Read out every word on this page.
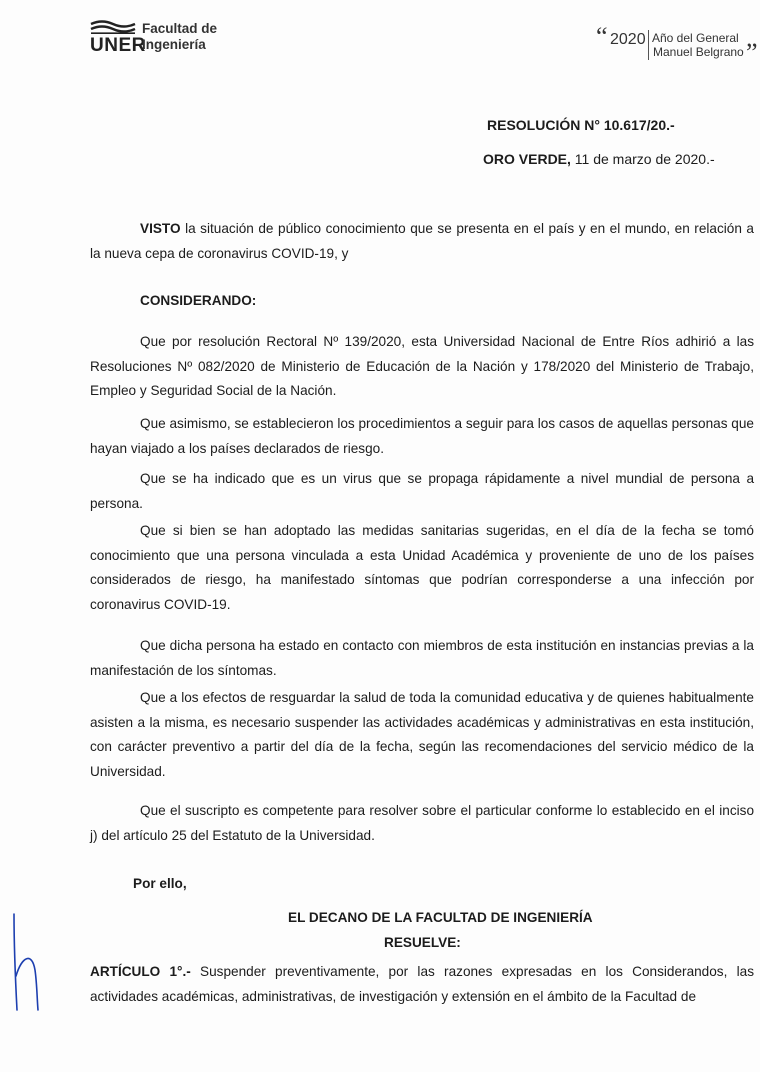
UNER
Facultad de
Ingeniería	“ 2020 Año del General
Manuel Belgrano ”
RESOLUCIÓN N° 10.617/20.-
ORO VERDE, 11 de marzo de 2020.-
VISTO la situación de público conocimiento que se presenta en el país y en el mundo, en relación a la nueva cepa de coronavirus COVID-19, y
CONSIDERANDO:
Que por resolución Rectoral Nº 139/2020, esta Universidad Nacional de Entre Ríos adhirió a las Resoluciones Nº 082/2020 de Ministerio de Educación de la Nación y 178/2020 del Ministerio de Trabajo, Empleo y Seguridad Social de la Nación.
Que asimismo, se establecieron los procedimientos a seguir para los casos de aquellas personas que hayan viajado a los países declarados de riesgo.
Que se ha indicado que es un virus que se propaga rápidamente a nivel mundial de persona a persona.
Que si bien se han adoptado las medidas sanitarias sugeridas, en el día de la fecha se tomó conocimiento que una persona vinculada a esta Unidad Académica y proveniente de uno de los países considerados de riesgo, ha manifestado síntomas que podrían corresponderse a una infección por coronavirus COVID-19.
Que dicha persona ha estado en contacto con miembros de esta institución en instancias previas a la manifestación de los síntomas.
Que a los efectos de resguardar la salud de toda la comunidad educativa y de quienes habitualmente asisten a la misma, es necesario suspender las actividades académicas y administrativas en esta institución, con carácter preventivo a partir del día de la fecha, según las recomendaciones del servicio médico de la Universidad.
Que el suscripto es competente para resolver sobre el particular conforme lo establecido en el inciso j) del artículo 25 del Estatuto de la Universidad.
Por ello,
EL DECANO DE LA FACULTAD DE INGENIERÍA
RESUELVE:
ARTÍCULO 1°.- Suspender preventivamente, por las razones expresadas en los Considerandos, las actividades académicas, administrativas, de investigación y extensión en el ámbito de la Facultad de
